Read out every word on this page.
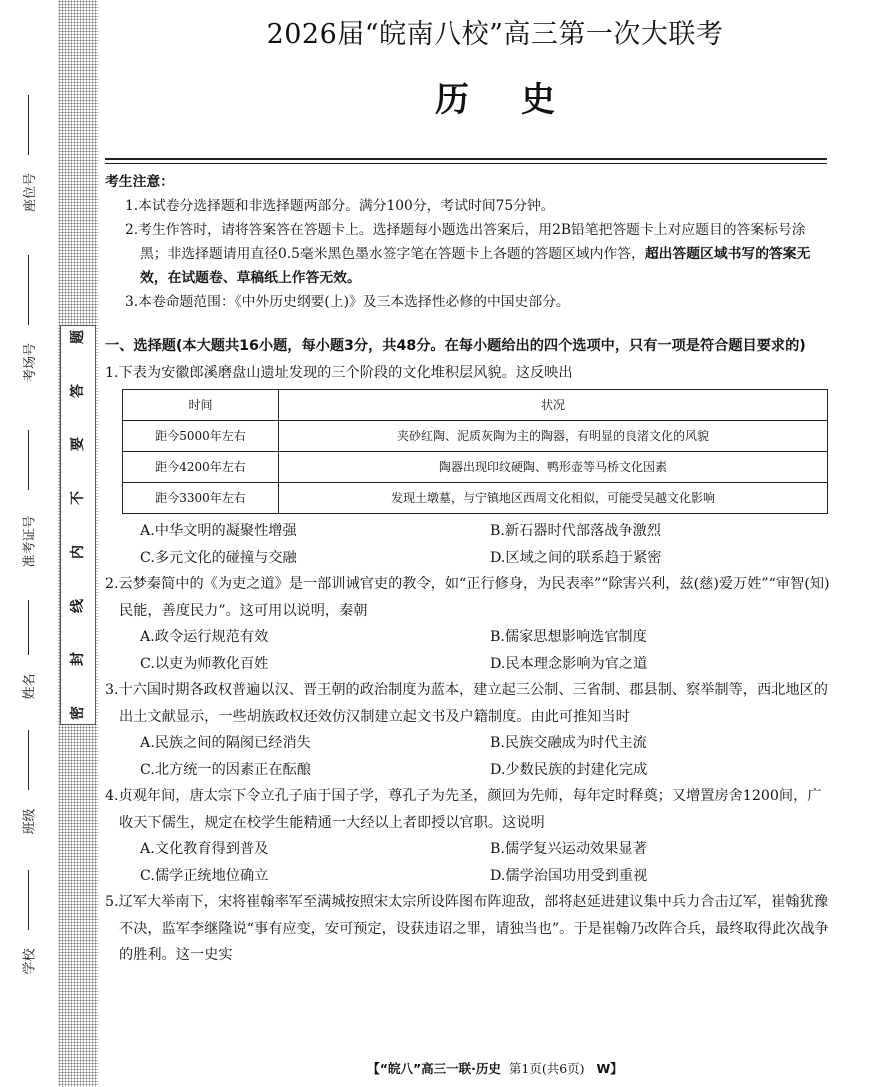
题
答
要
不
内
线
封
密
座位号
考场号
准考证号
姓名
班级
学校
2026届“皖南八校”高三第一次大联考
历史
考生注意：
1.本试卷分选择题和非选择题两部分。满分100分，考试时间75分钟。
2.考生作答时，请将答案答在答题卡上。选择题每小题选出答案后，用2B铅笔把答题卡上对应题目的答案标号涂黑；非选择题请用直径0.5毫米黑色墨水签字笔在答题卡上各题的答题区域内作答，超出答题区域书写的答案无效，在试题卷、草稿纸上作答无效。
3.本卷命题范围：《中外历史纲要(上)》及三本选择性必修的中国史部分。
一、选择题(本大题共16小题，每小题3分，共48分。在每小题给出的四个选项中，只有一项是符合题目要求的)
1.下表为安徽郎溪磨盘山遗址发现的三个阶段的文化堆积层风貌。这反映出
时间	状况
距今5000年左右	夹砂红陶、泥质灰陶为主的陶器，有明显的良渚文化的风貌
距今4200年左右	陶器出现印纹硬陶、鸭形壶等马桥文化因素
距今3300年左右	发现土墩墓，与宁镇地区西周文化相似，可能受吴越文化影响
A.中华文明的凝聚性增强	B.新石器时代部落战争激烈
C.多元文化的碰撞与交融	D.区域之间的联系趋于紧密
2.云梦秦简中的《为吏之道》是一部训诫官吏的教令，如“正行修身，为民表率”“除害兴利，兹(慈)爱万姓”“审智(知)民能，善度民力”。这可用以说明，秦朝
A.政令运行规范有效	B.儒家思想影响选官制度
C.以吏为师教化百姓	D.民本理念影响为官之道
3.十六国时期各政权普遍以汉、晋王朝的政治制度为蓝本，建立起三公制、三省制、郡县制、察举制等，西北地区的出土文献显示，一些胡族政权还效仿汉制建立起文书及户籍制度。由此可推知当时
A.民族之间的隔阂已经消失	B.民族交融成为时代主流
C.北方统一的因素正在酝酿	D.少数民族的封建化完成
4.贞观年间，唐太宗下令立孔子庙于国子学，尊孔子为先圣，颜回为先师，每年定时释奠；又增置房舍1200间，广收天下儒生，规定在校学生能精通一大经以上者即授以官职。这说明
A.文化教育得到普及	B.儒学复兴运动效果显著
C.儒学正统地位确立	D.儒学治国功用受到重视
5.辽军大举南下，宋将崔翰率军至满城按照宋太宗所设阵图布阵迎敌，部将赵延进建议集中兵力合击辽军，崔翰犹豫不决，监军李继隆说“事有应变，安可预定，设获违诏之罪，请独当也”。于是崔翰乃改阵合兵，最终取得此次战争的胜利。这一史实
【“皖八”高三一联·历史 第1页(共6页) W】
